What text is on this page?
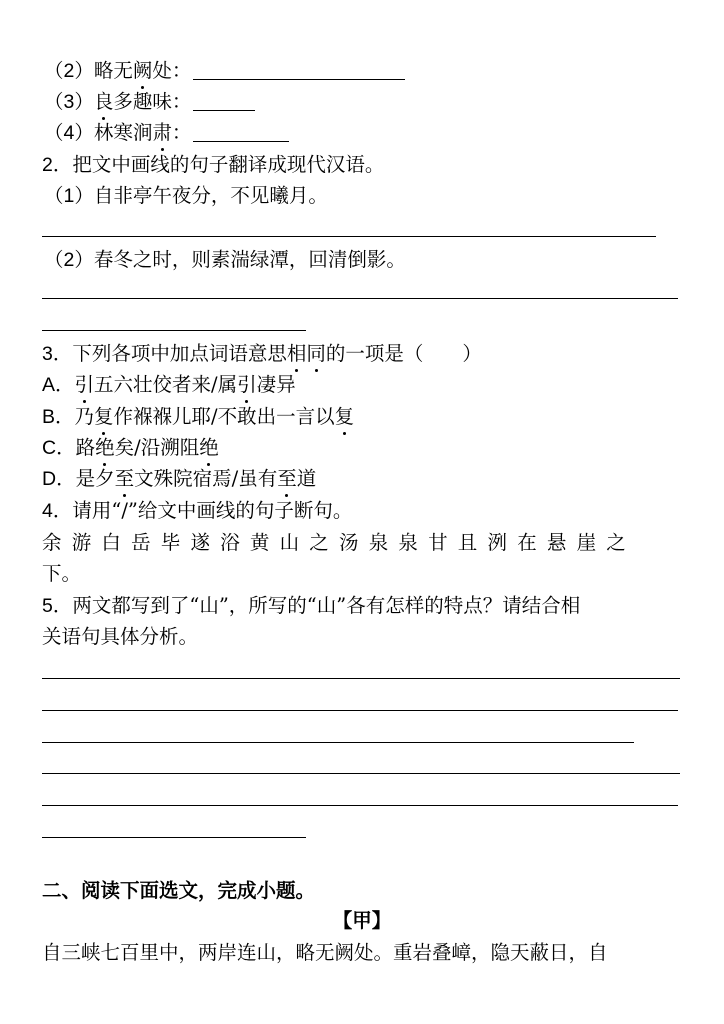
（2）略无阙处：
（3）良多趣味：
（4）林寒涧肃：
2．把文中画线的句子翻译成现代汉语。
（1）自非亭午夜分，不见曦月。
（2）春冬之时，则素湍绿潭，回清倒影。
3．下列各项中加点词语意思相同的一项是（　　）
A．引五六壮佼者来/属引凄异
B．乃复作褓褓儿耶/不敢出一言以复
C．路绝矣/沿溯阻绝
D．是夕至文殊院宿焉/虽有至道
4．请用“/”给文中画线的句子断句。
余游白岳毕遂浴黄山之汤泉泉甘且洌在悬崖之
下。
5．两文都写到了“山”，所写的“山”各有怎样的特点？请结合相
关语句具体分析。
二、阅读下面选文，完成小题。
【甲】
自三峡七百里中，两岸连山，略无阙处。重岩叠嶂，隐天蔽日，自
